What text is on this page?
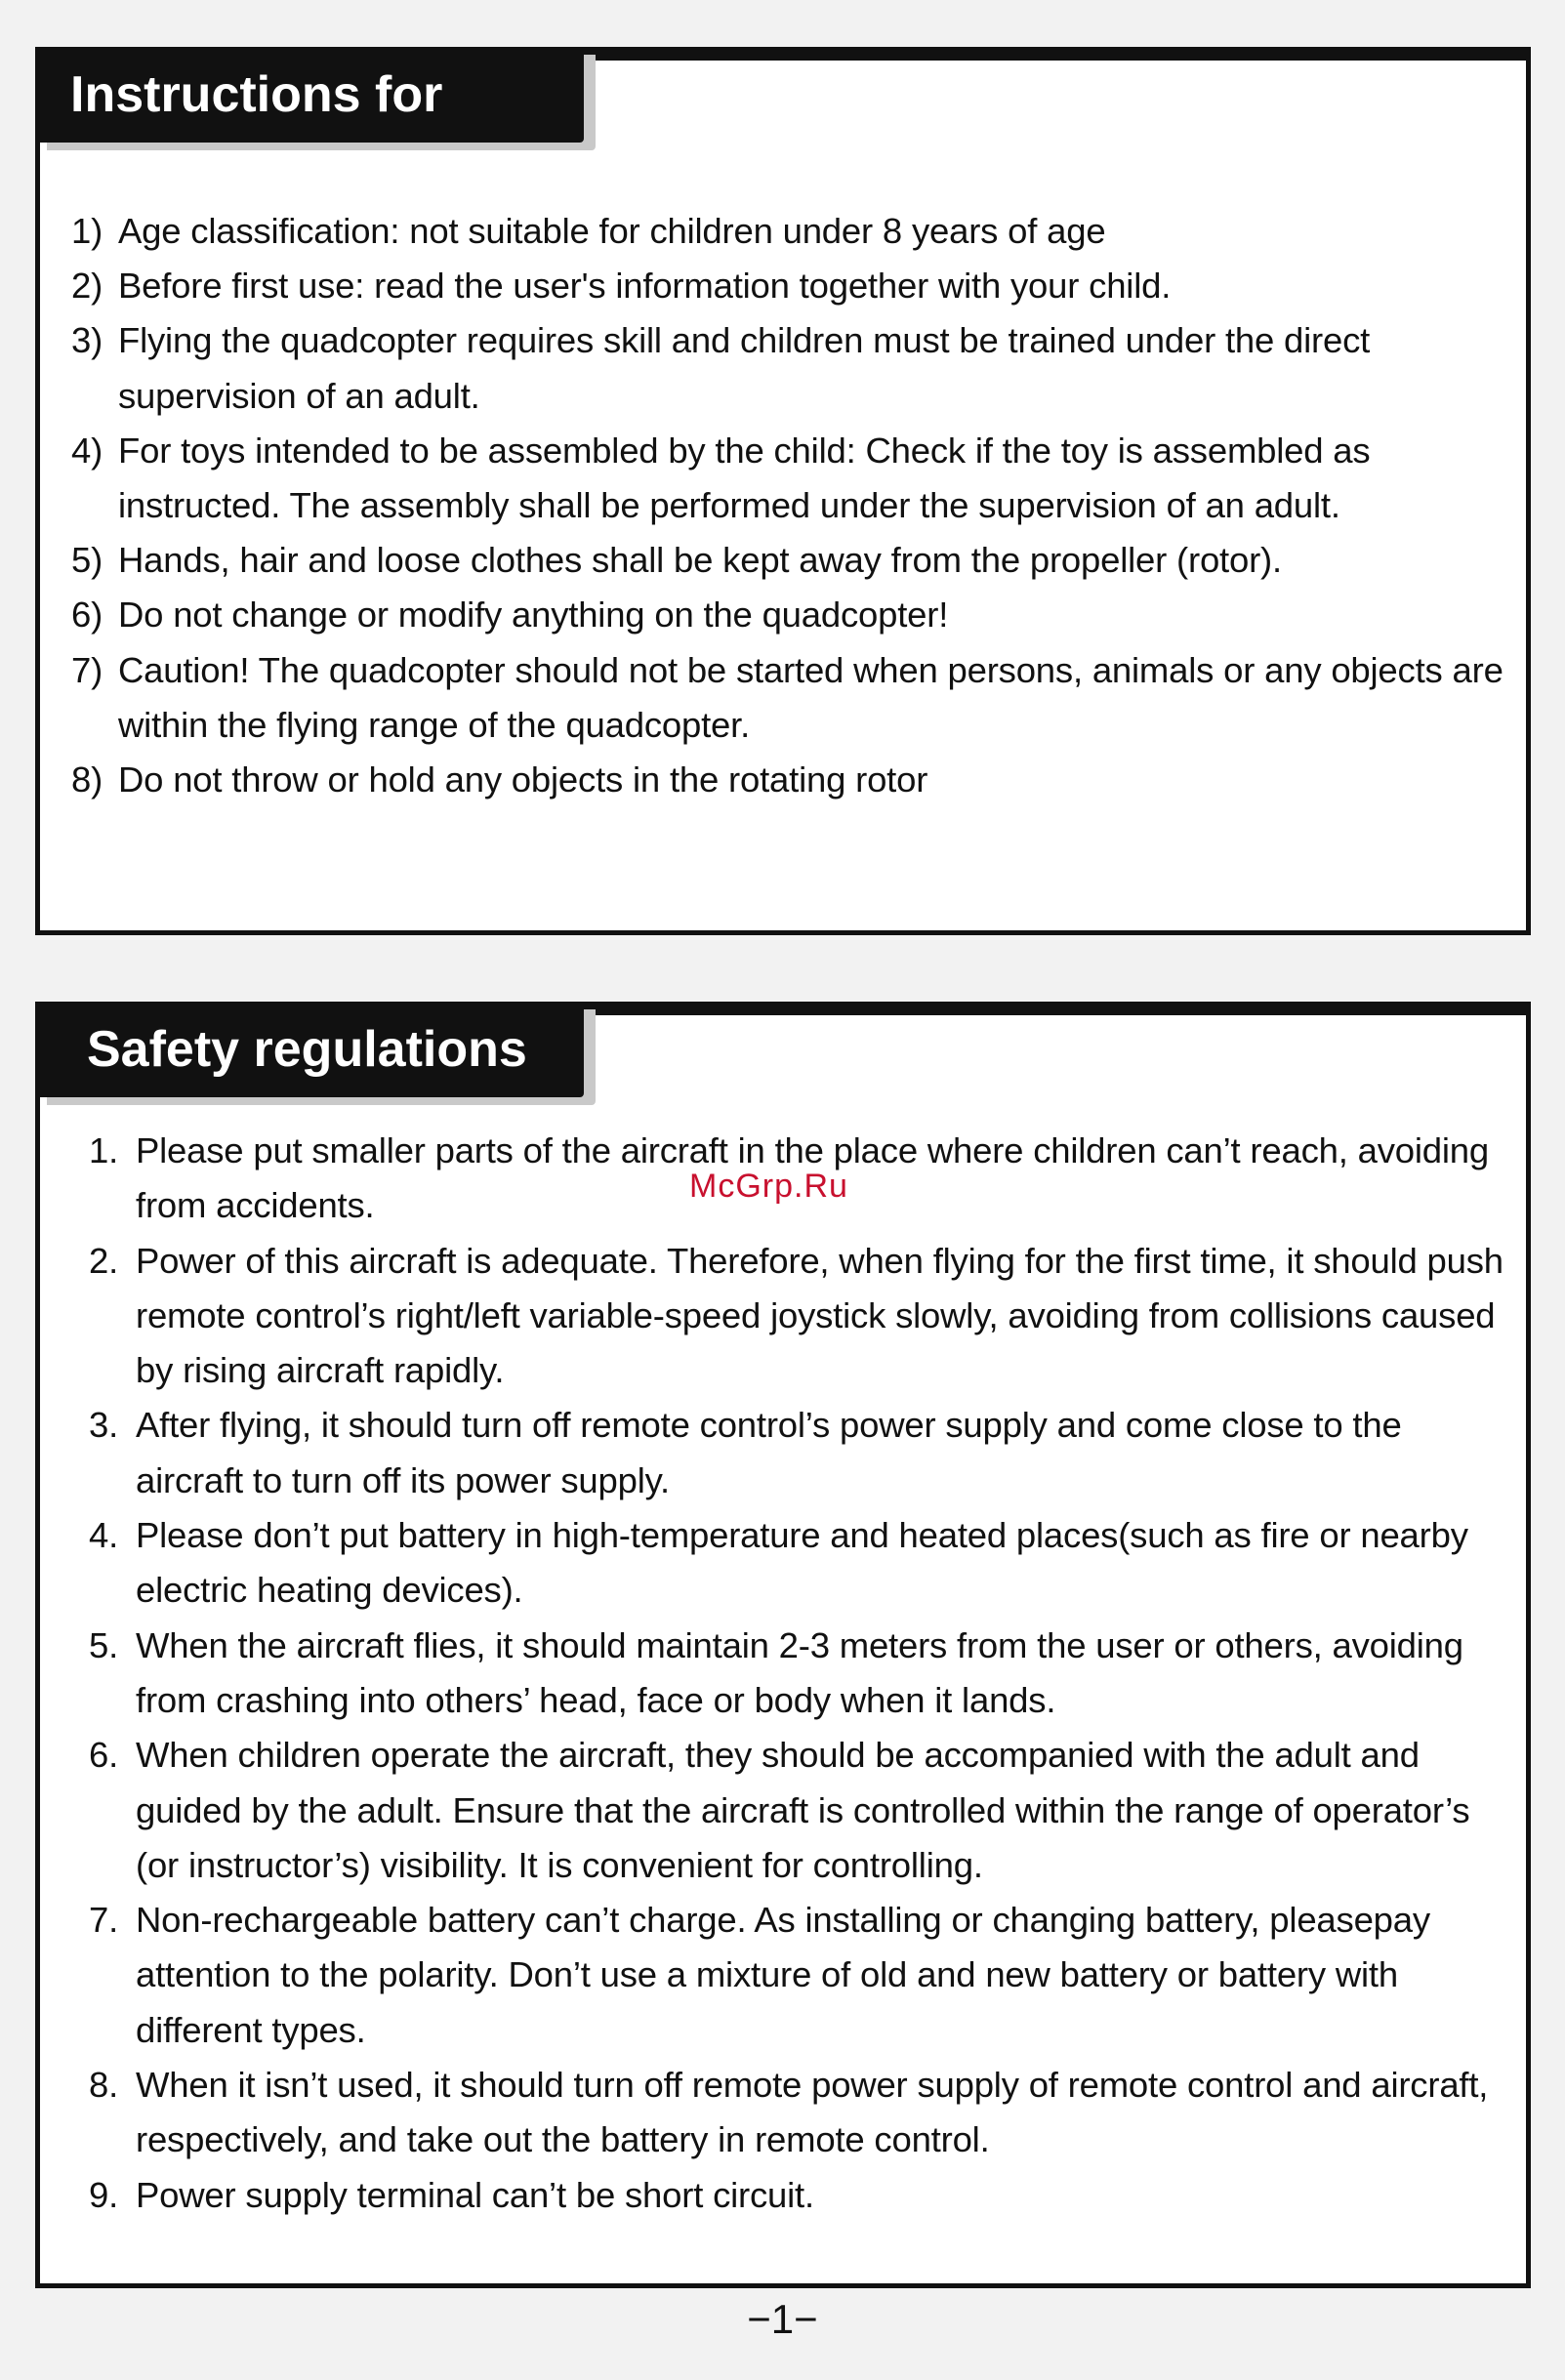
Instructions for use
1) Age classification: not suitable for children under 8 years of age
2) Before first use: read the user's information together with your child.
3) Flying the quadcopter requires skill and children must be trained under the direct supervision of an adult.
4) For toys intended to be assembled by the child: Check if the toy is assembled as instructed. The assembly shall be performed under the supervision of an adult.
5) Hands, hair and loose clothes shall be kept away from the propeller (rotor).
6) Do not change or modify anything on the quadcopter!
7) Caution! The quadcopter should not be started when persons, animals or any objects are within the flying range of the quadcopter.
8) Do not throw or hold any objects in the rotating rotor
Safety regulations
1. Please put smaller parts of the aircraft in the place where children can’t reach, avoiding from accidents.
2. Power of this aircraft is adequate. Therefore, when flying for the first time, it should push remote control’s right/left variable-speed joystick slowly, avoiding from collisions caused by rising aircraft rapidly.
3. After flying, it should turn off remote control’s power supply and come close to the aircraft to turn off its power supply.
4. Please don’t put battery in high-temperature and heated places(such as fire or nearby electric heating devices).
5. When the aircraft flies, it should maintain 2-3 meters from the user or others, avoiding from crashing into others’ head, face or body when it lands.
6. When children operate the aircraft, they should be accompanied with the adult and guided by the adult. Ensure that the aircraft is controlled within the range of operator’s (or instructor’s) visibility. It is convenient for controlling.
7. Non-rechargeable battery can’t charge. As installing or changing battery, pleasepay attention to the polarity. Don’t use a mixture of old and new battery or battery with different types.
8. When it isn’t used, it should turn off remote power supply of remote control and aircraft, respectively, and take out the battery in remote control.
9. Power supply terminal can’t be short circuit.
McGrp.Ru
−1−
